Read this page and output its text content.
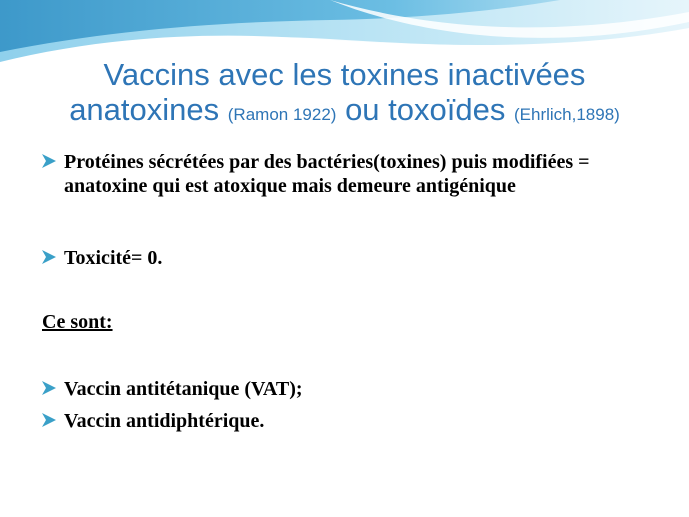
Vaccins avec les toxines inactivées
anatoxines (Ramon 1922) ou toxoïdes (Ehrlich,1898)
Protéines sécrétées par des bactéries(toxines) puis modifiées = anatoxine qui est atoxique mais demeure antigénique
Toxicité= 0.
Ce sont:
Vaccin antitétanique (VAT);
Vaccin antidiphtérique.
